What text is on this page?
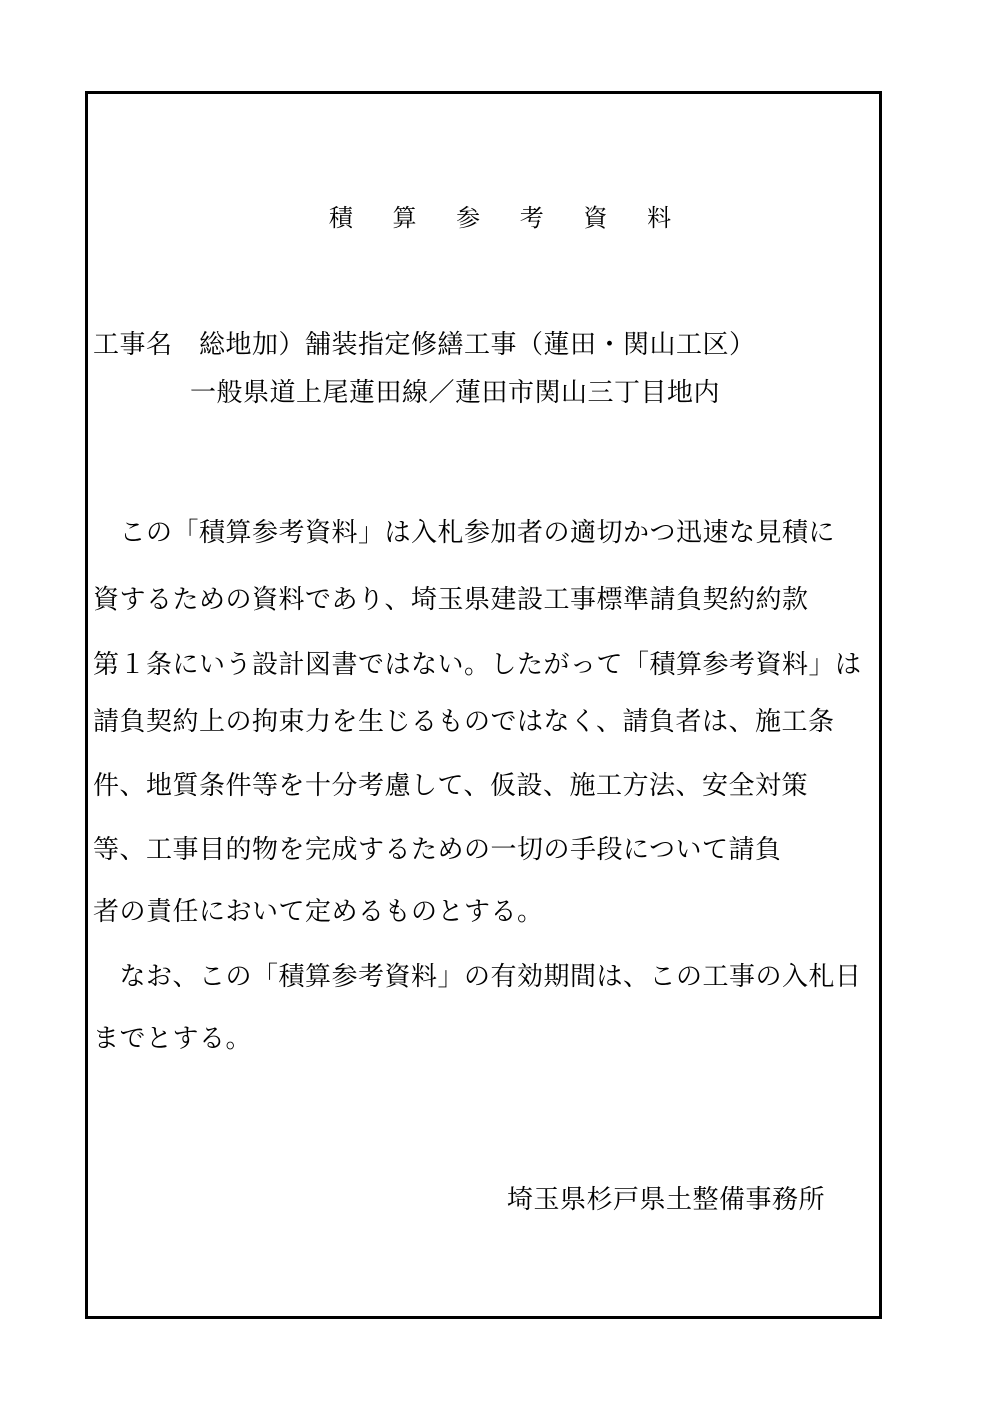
積 算 参 考 資 料
工事名 総地加）舗装指定修繕工事（蓮田・関山工区）
一般県道上尾蓮田線／蓮田市関山三丁目地内
　この「積算参考資料」は入札参加者の適切かつ迅速な見積に
資するための資料であり、埼玉県建設工事標準請負契約約款
第１条にいう設計図書ではない。したがって「積算参考資料」は
請負契約上の拘束力を生じるものではなく、請負者は、施工条
件、地質条件等を十分考慮して、仮設、施工方法、安全対策
等、工事目的物を完成するための一切の手段について請負
者の責任において定めるものとする。
　なお、この「積算参考資料」の有効期間は、この工事の入札日
までとする。
埼玉県杉戸県土整備事務所
